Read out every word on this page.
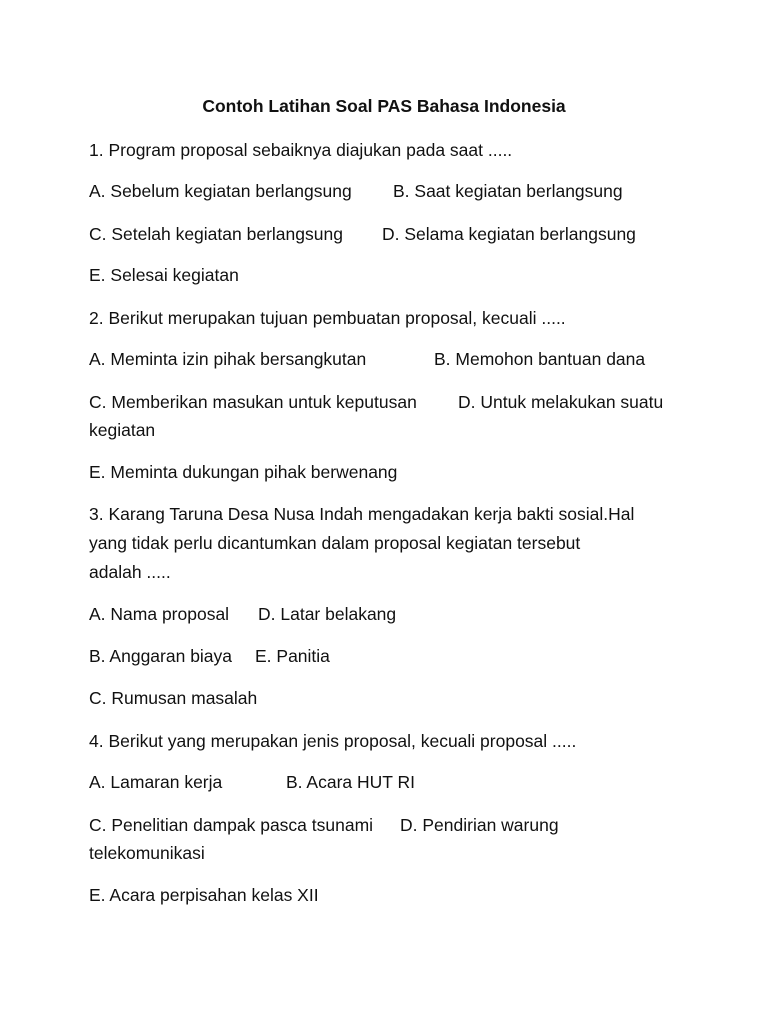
Contoh Latihan Soal PAS Bahasa Indonesia
1. Program proposal sebaiknya diajukan pada saat .....
A. Sebelum kegiatan berlangsung B. Saat kegiatan berlangsung
C. Setelah kegiatan berlangsung D. Selama kegiatan berlangsung
E. Selesai kegiatan
2. Berikut merupakan tujuan pembuatan proposal, kecuali .....
A. Meminta izin pihak bersangkutan	B. Memohon bantuan dana
C. Memberikan masukan untuk keputusan D. Untuk melakukan suatu
kegiatan
E. Meminta dukungan pihak berwenang
3. Karang Taruna Desa Nusa Indah mengadakan kerja bakti sosial.Hal
yang tidak perlu dicantumkan dalam proposal kegiatan tersebut
adalah .....
A. Nama proposal D. Latar belakang
B. Anggaran biaya E. Panitia
C. Rumusan masalah
4. Berikut yang merupakan jenis proposal, kecuali proposal .....
A. Lamaran kerja	B. Acara HUT RI
C. Penelitian dampak pasca tsunami D. Pendirian warung
telekomunikasi
E. Acara perpisahan kelas XII
